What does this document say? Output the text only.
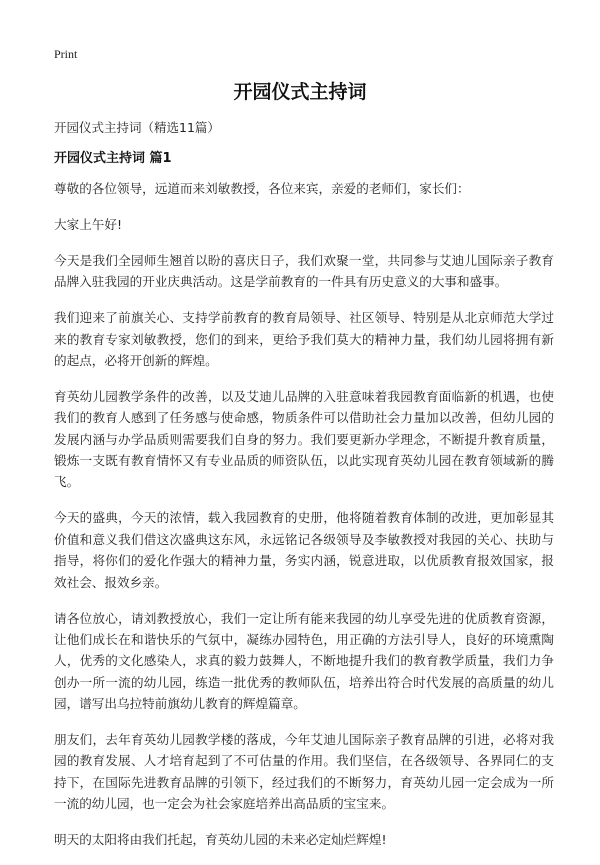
Print
开园仪式主持词
开园仪式主持词（精选11篇）
开园仪式主持词 篇1

尊敬的各位领导，远道而来刘敏教授，各位来宾，亲爱的老师们，家长们：

大家上午好!

今天是我们全园师生翘首以盼的喜庆日子，我们欢聚一堂，共同参与艾迪儿国际亲子教育品牌入驻我园的开业庆典活动。这是学前教育的一件具有历史意义的大事和盛事。

我们迎来了前旗关心、支持学前教育的教育局领导、社区领导、特别是从北京师范大学过来的教育专家刘敏教授，您们的到来，更给予我们莫大的精神力量，我们幼儿园将拥有新的起点，必将开创新的辉煌。

育英幼儿园教学条件的改善，以及艾迪儿品牌的入驻意味着我园教育面临新的机遇，也使我们的教育人感到了任务感与使命感，物质条件可以借助社会力量加以改善，但幼儿园的发展内涵与办学品质则需要我们自身的努力。我们要更新办学理念，不断提升教育质量，锻炼一支既有教育情怀又有专业品质的师资队伍，以此实现育英幼儿园在教育领域新的腾飞。

今天的盛典，今天的浓情，载入我园教育的史册，他将随着教育体制的改进，更加彰显其价值和意义我们借这次盛典这东风，永远铭记各级领导及李敏教授对我园的关心、扶助与指导，将你们的爱化作强大的精神力量，务实内涵，锐意进取，以优质教育报效国家，报效社会、报效乡亲。

请各位放心，请刘教授放心，我们一定让所有能来我园的幼儿享受先进的优质教育资源，让他们成长在和谐快乐的气氛中，凝练办园特色，用正确的方法引导人，良好的环境熏陶人，优秀的文化感染人，求真的毅力鼓舞人，不断地提升我们的教育教学质量，我们力争创办一所一流的幼儿园，练造一批优秀的教师队伍，培养出符合时代发展的高质量的幼儿园，谱写出乌拉特前旗幼儿教育的辉煌篇章。

朋友们，去年育英幼儿园教学楼的落成，今年艾迪儿国际亲子教育品牌的引进，必将对我园的教育发展、人才培育起到了不可估量的作用。我们坚信，在各级领导、各界同仁的支持下，在国际先进教育品牌的引领下，经过我们的不断努力，育英幼儿园一定会成为一所一流的幼儿园，也一定会为社会家庭培养出高品质的宝宝来。

明天的太阳将由我们托起，育英幼儿园的未来必定灿烂辉煌!
